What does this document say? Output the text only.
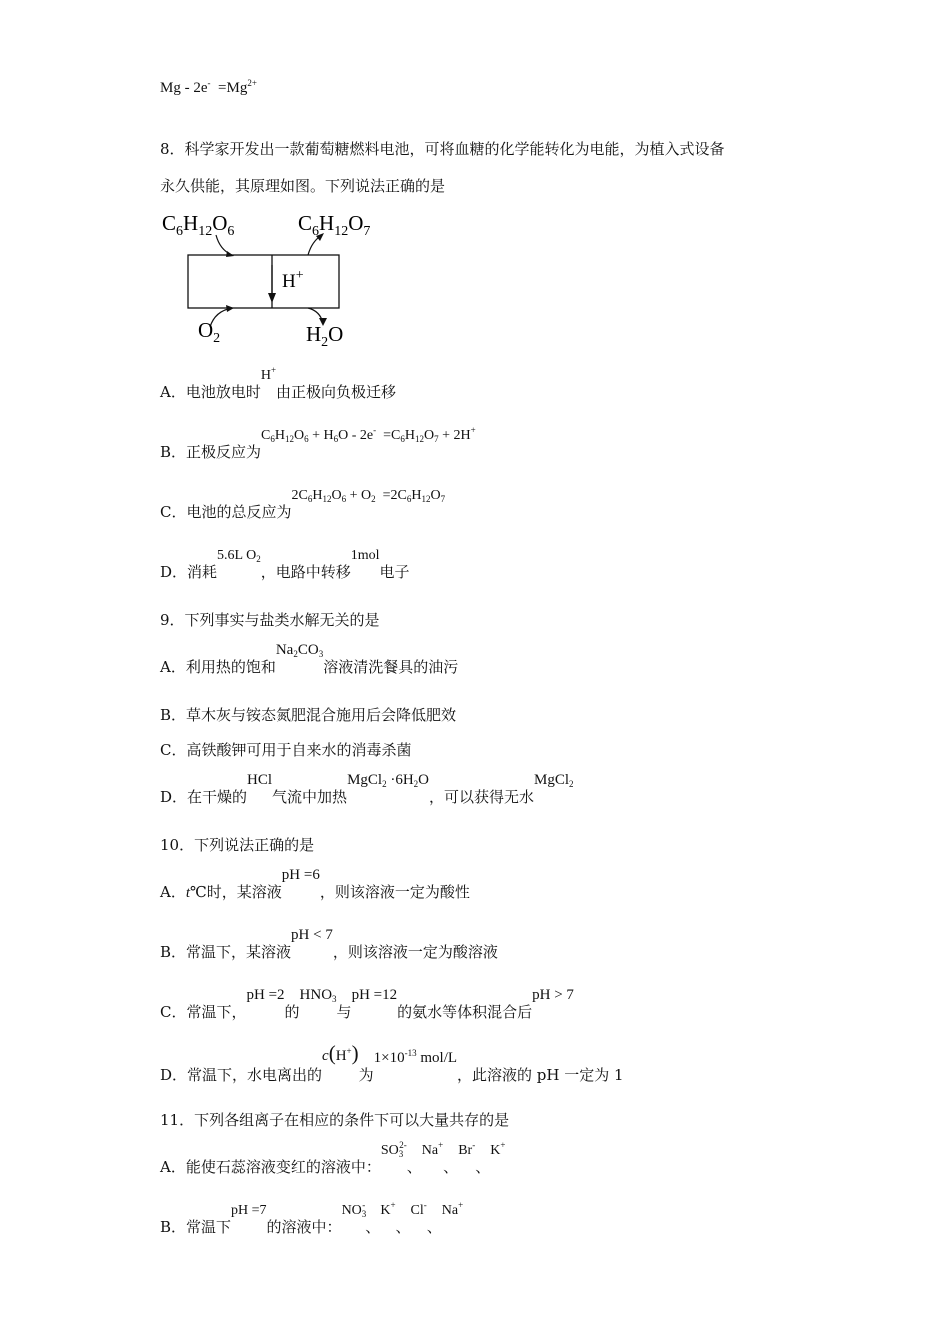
$Mg - 2e^- =Mg^{2+}$
8．科学家开发出一款葡萄糖燃料电池，可将血糖的化学能转化为电能，为植入式设备
永久供能，其原理如图。下列说法正确的是
$C_6H_{12}O_6$	$C_6H_{12}O_7$
H+
$O_2$	$H_2O$
A．电池放电时H+由正极向负极迁移
B．正极反应为$C_6H_{12}O_6 + H_6O - 2e^- =C_6H_{12}O_7 + 2H^+$
C．电池的总反应为$2C_6H_{12}O_6 + O_2 =2C_6H_{12}O_7$
D．消耗5.6L $O_2$，电路中转移1mol电子
9．下列事实与盐类水解无关的是
A．利用热的饱和$Na_2CO_3$溶液清洗餐具的油污
B．草木灰与铵态氮肥混合施用后会降低肥效
C．高铁酸钾可用于自来水的消毒杀菌
D．在干燥的HCl气流中加热MgCl$_2$ $\cdot 6H_2O$，可以获得无水MgCl$_2$
10．下列说法正确的是
A．t℃时，某溶液pH =6，则该溶液一定为酸性
B．常温下，某溶液pH < 7，则该溶液一定为酸溶液
C．常温下，pH =2的$HNO_3$与pH =12的氨水等体积混合后pH > 7
D．常温下，水电离出的c(H+)为$1\times 10^{-13}$ mol/L，此溶液的 pH 一定为 1
11．下列各组离子在相应的条件下可以大量共存的是
A．能使石蕊溶液变红的溶液中：$SO_3^{2-}$、Na+、Br-、K+
B．常温下pH =7的溶液中：$NO_3^-$、K+、Cl-、Na+
